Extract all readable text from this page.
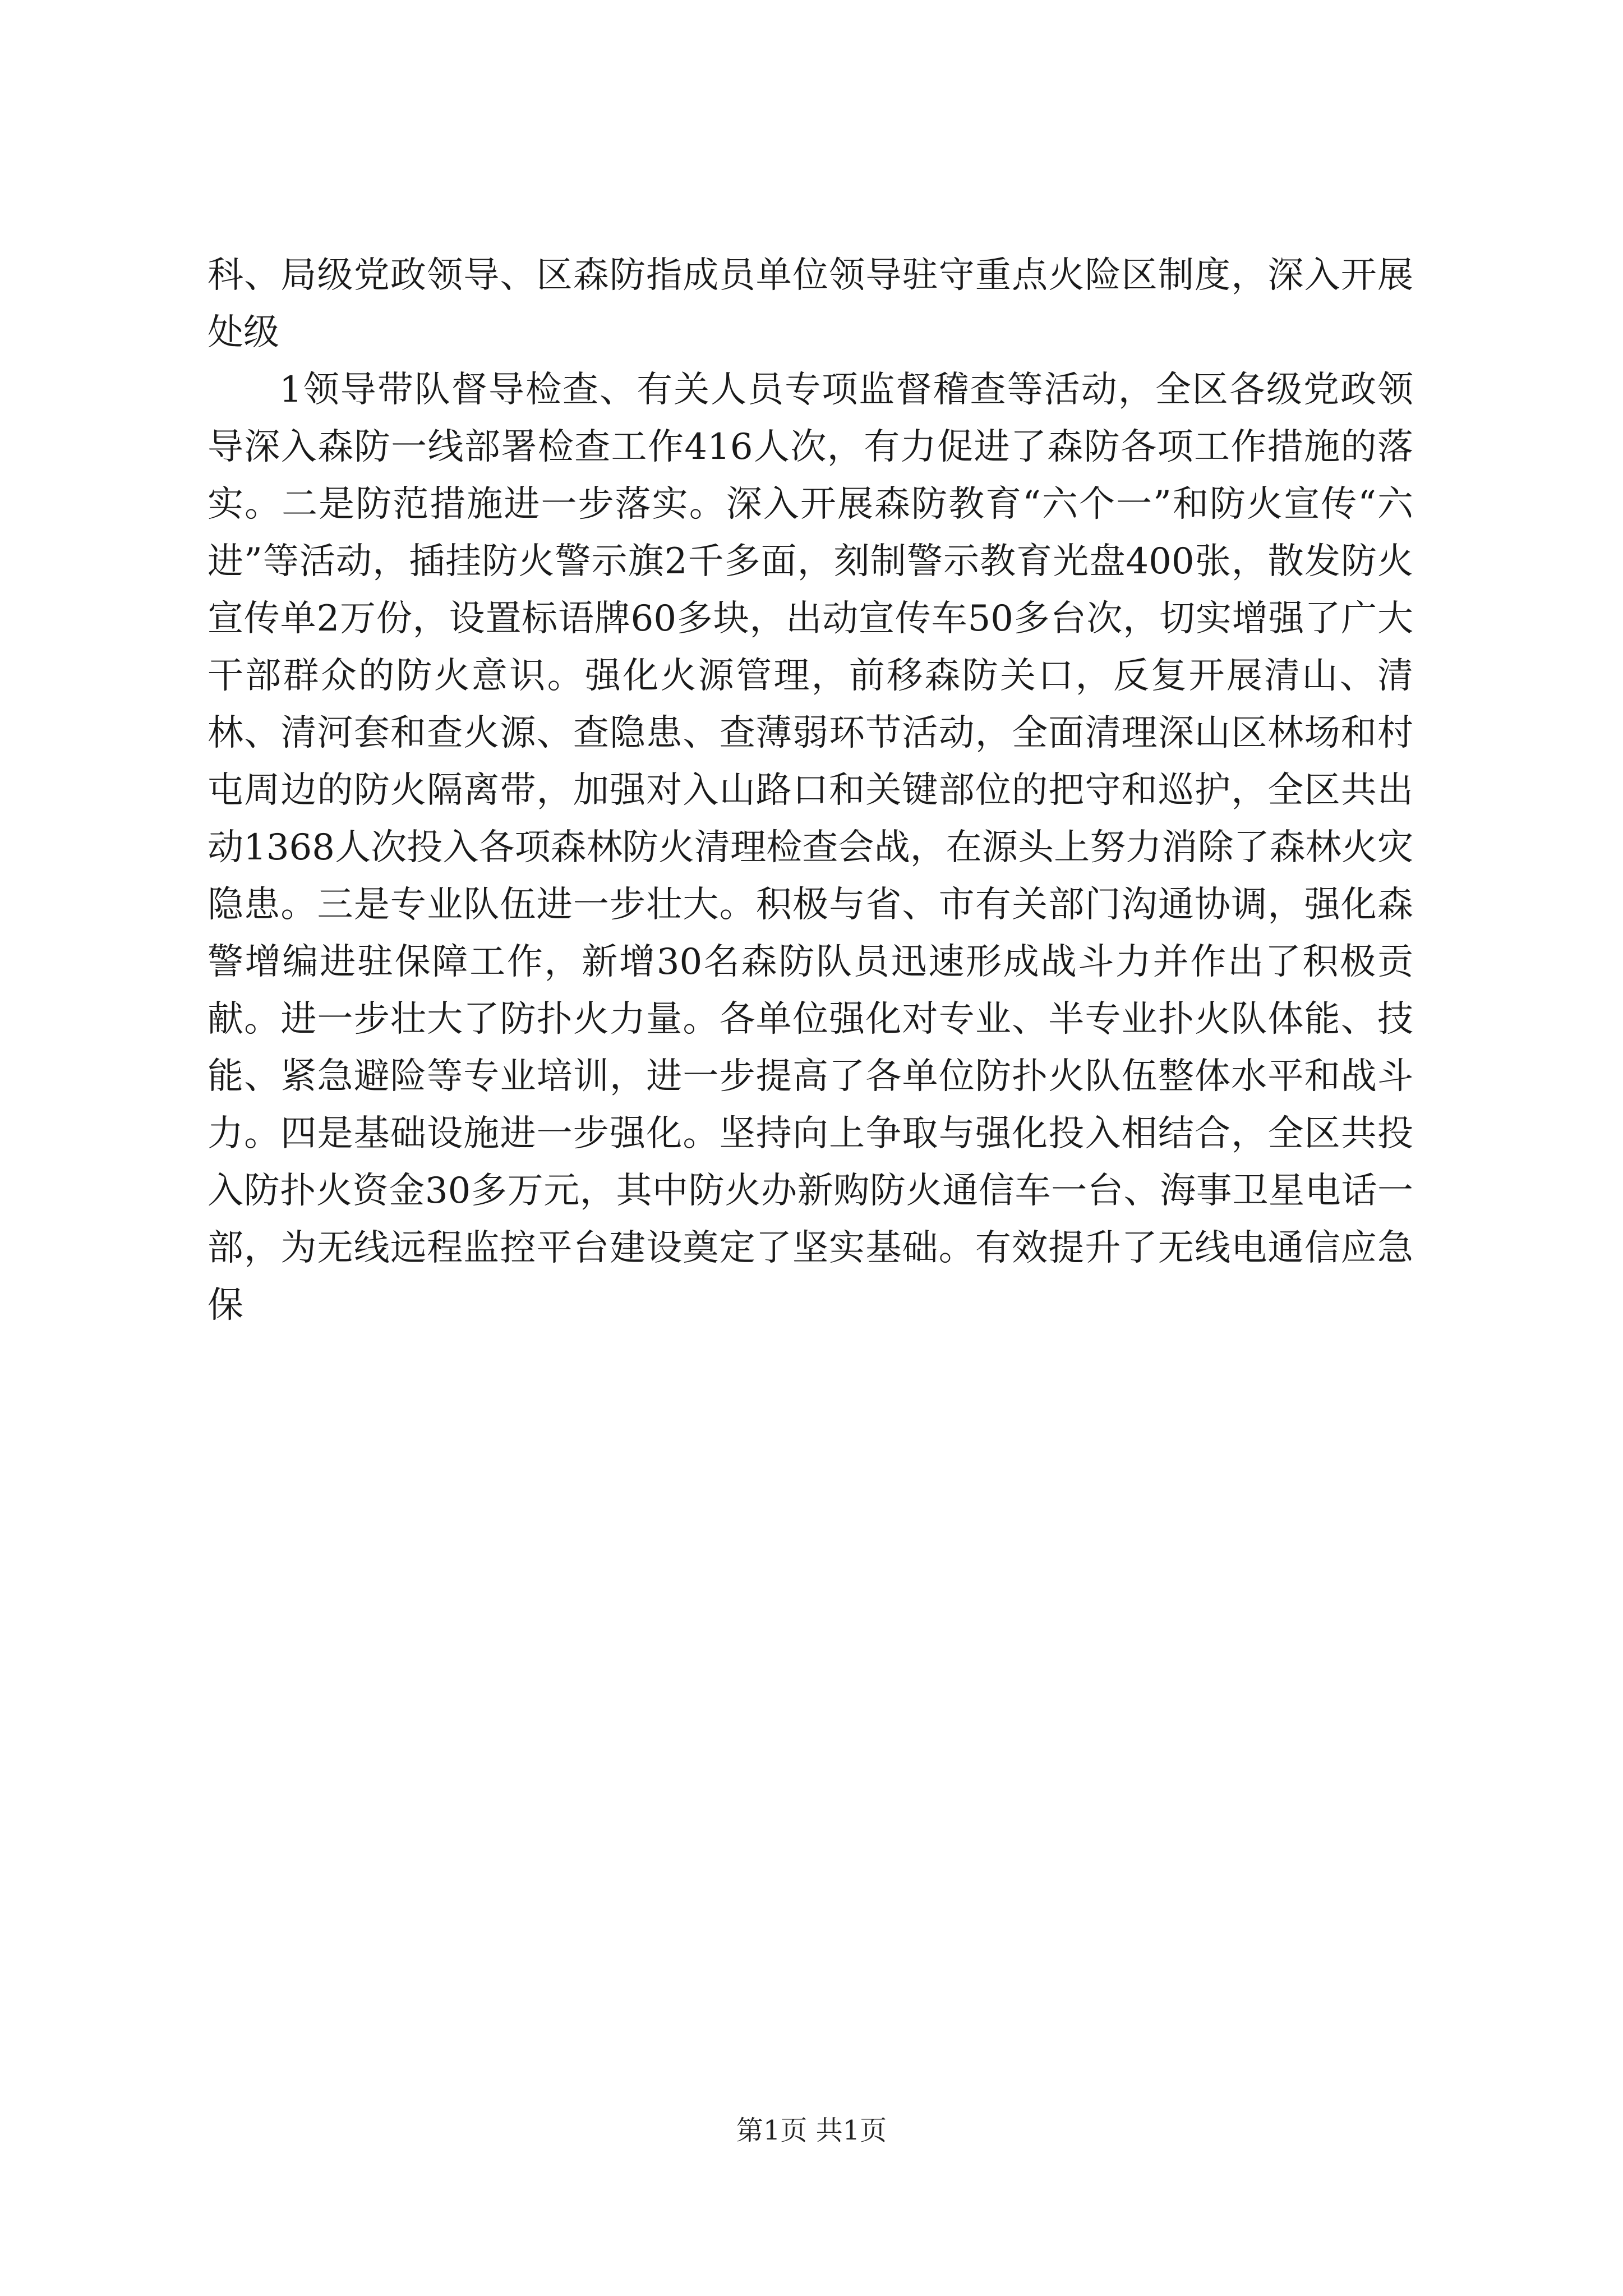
科、局级党政领导、区森防指成员单位领导驻守重点火险区制度，深入开展处级

1领导带队督导检查、有关人员专项监督稽查等活动，全区各级党政领导深入森防一线部署检查工作416人次，有力促进了森防各项工作措施的落实。二是防范措施进一步落实。深入开展森防教育“六个一”和防火宣传“六进”等活动，插挂防火警示旗2千多面，刻制警示教育光盘400张，散发防火宣传单2万份，设置标语牌60多块，出动宣传车50多台次，切实增强了广大干部群众的防火意识。强化火源管理，前移森防关口，反复开展清山、清林、清河套和查火源、查隐患、查薄弱环节活动，全面清理深山区林场和村屯周边的防火隔离带，加强对入山路口和关键部位的把守和巡护，全区共出动1368人次投入各项森林防火清理检查会战，在源头上努力消除了森林火灾隐患。三是专业队伍进一步壮大。积极与省、市有关部门沟通协调，强化森警增编进驻保障工作，新增30名森防队员迅速形成战斗力并作出了积极贡献。进一步壮大了防扑火力量。各单位强化对专业、半专业扑火队体能、技能、紧急避险等专业培训，进一步提高了各单位防扑火队伍整体水平和战斗力。四是基础设施进一步强化。坚持向上争取与强化投入相结合，全区共投入防扑火资金30多万元，其中防火办新购防火通信车一台、海事卫星电话一部，为无线远程监控平台建设奠定了坚实基础。有效提升了无线电通信应急保

第1页 共1页
